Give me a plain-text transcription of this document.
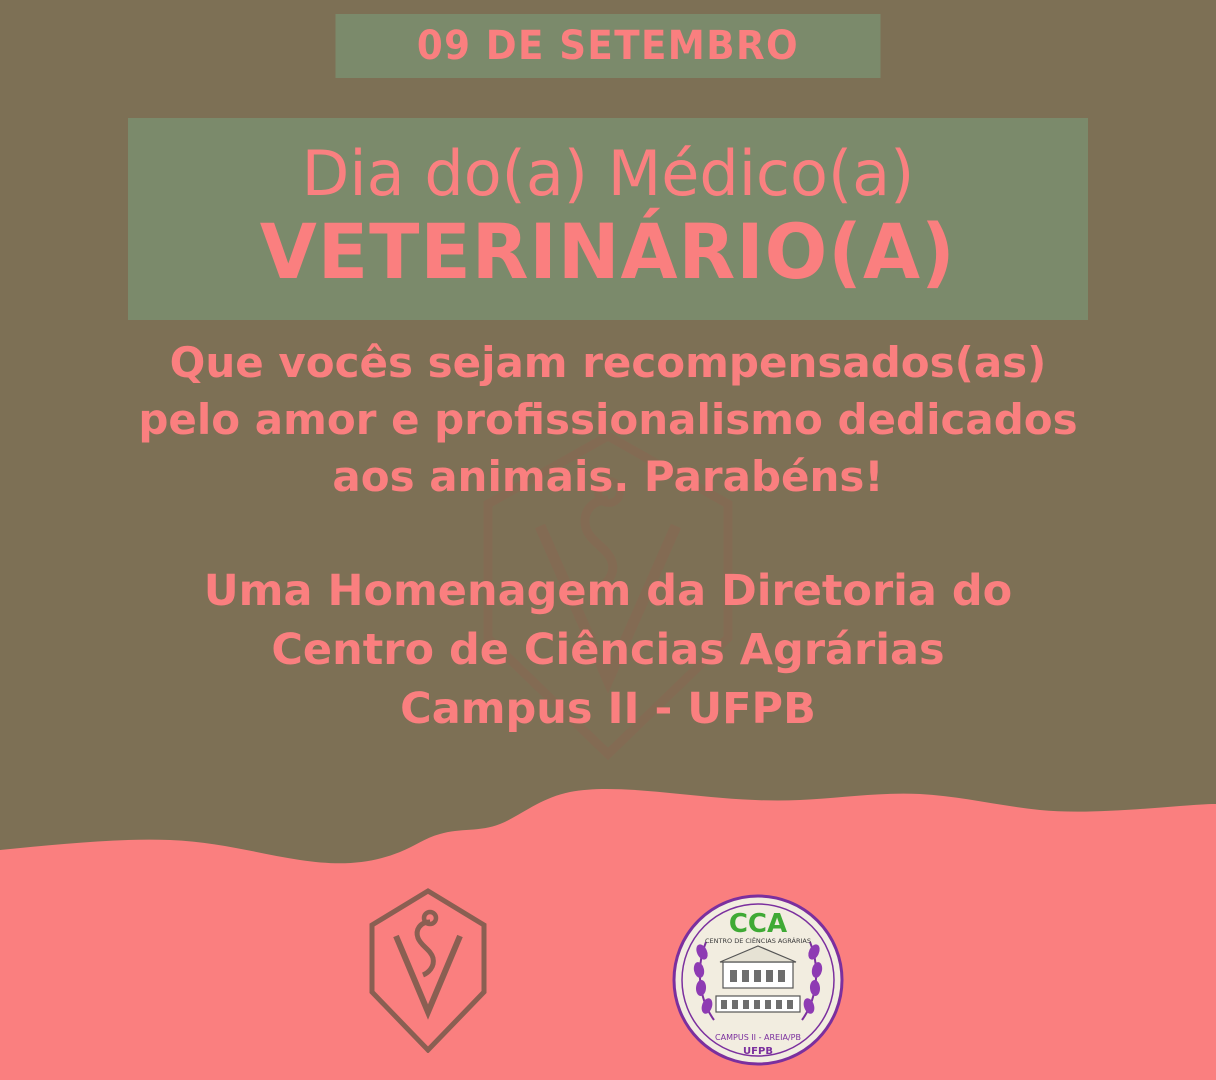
09 DE SETEMBRO
Dia do(a) Médico(a)
VETERINÁRIO(A)
Que vocês sejam recompensados(as)
pelo amor e profissionalismo dedicados
aos animais. Parabéns!
Uma Homenagem da Diretoria do
Centro de Ciências Agrárias
Campus II - UFPB
CCA
CENTRO DE CIÊNCIAS AGRÁRIAS
CAMPUS II - AREIA/PB
UFPB
